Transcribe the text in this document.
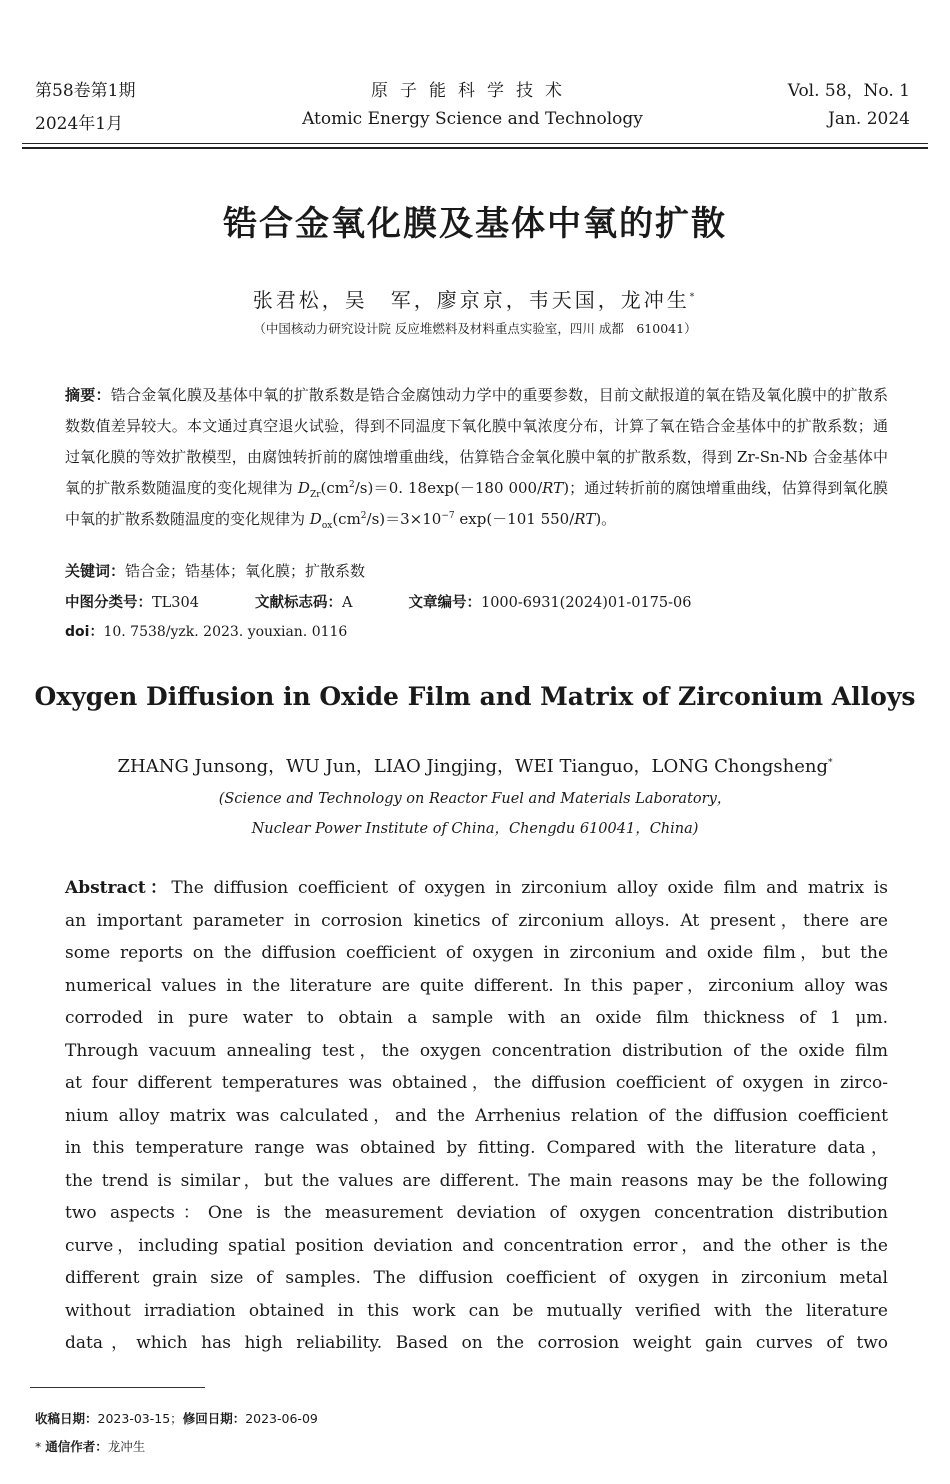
第58卷第1期	原子能科学技术	Vol. 58，No. 1
2024年1月	Atomic Energy Science and Technology	Jan. 2024
锆合金氧化膜及基体中氧的扩散
张君松，吴　军，廖京京，韦天国，龙冲生*
（中国核动力研究设计院 反应堆燃料及材料重点实验室，四川 成都　610041）
摘要：锆合金氧化膜及基体中氧的扩散系数是锆合金腐蚀动力学中的重要参数，目前文献报道的氧在锆及氧化膜中的扩散系数数值差异较大。本文通过真空退火试验，得到不同温度下氧化膜中氧浓度分布，计算了氧在锆合金基体中的扩散系数；通过氧化膜的等效扩散模型，由腐蚀转折前的腐蚀增重曲线，估算锆合金氧化膜中氧的扩散系数，得到 Zr-Sn-Nb 合金基体中氧的扩散系数随温度的变化规律为 $D_{Zr}(cm^2/s)=0$. 18exp(－180 000/RT)；通过转折前的腐蚀增重曲线，估算得到氧化膜中氧的扩散系数随温度的变化规律为 $D_{ox}(cm^2/s)=3\times 10^{-7}$ exp(－101 550/RT)。
关键词：锆合金；锆基体；氧化膜；扩散系数
中图分类号：TL304	文献标志码：A	文章编号：1000-6931(2024)01-0175-06
doi：10. 7538/yzk. 2023. youxian. 0116
Oxygen Diffusion in Oxide Film and Matrix of Zirconium Alloys
ZHANG Junsong，WU Jun，LIAO Jingjing，WEI Tianguo，LONG Chongsheng*
(Science and Technology on Reactor Fuel and Materials Laboratory，
Nuclear Power Institute of China，Chengdu 610041，China)
Abstract：The diffusion coefficient of oxygen in zirconium alloy oxide film and matrix is
an important parameter in corrosion kinetics of zirconium alloys. At present，there are
some reports on the diffusion coefficient of oxygen in zirconium and oxide film，but the
numerical values in the literature are quite different. In this paper，zirconium alloy was
corroded in pure water to obtain a sample with an oxide film thickness of 1 μm.
Through vacuum annealing test，the oxygen concentration distribution of the oxide film
at four different temperatures was obtained，the diffusion coefficient of oxygen in zirco-
nium alloy matrix was calculated，and the Arrhenius relation of the diffusion coefficient
in this temperature range was obtained by fitting. Compared with the literature data，
the trend is similar，but the values are different. The main reasons may be the following
two aspects：One is the measurement deviation of oxygen concentration distribution
curve，including spatial position deviation and concentration error，and the other is the
different grain size of samples. The diffusion coefficient of oxygen in zirconium metal
without irradiation obtained in this work can be mutually verified with the literature
data，which has high reliability. Based on the corrosion weight gain curves of two
收稿日期：2023-03-15；修回日期：2023-06-09
* 通信作者：龙冲生
